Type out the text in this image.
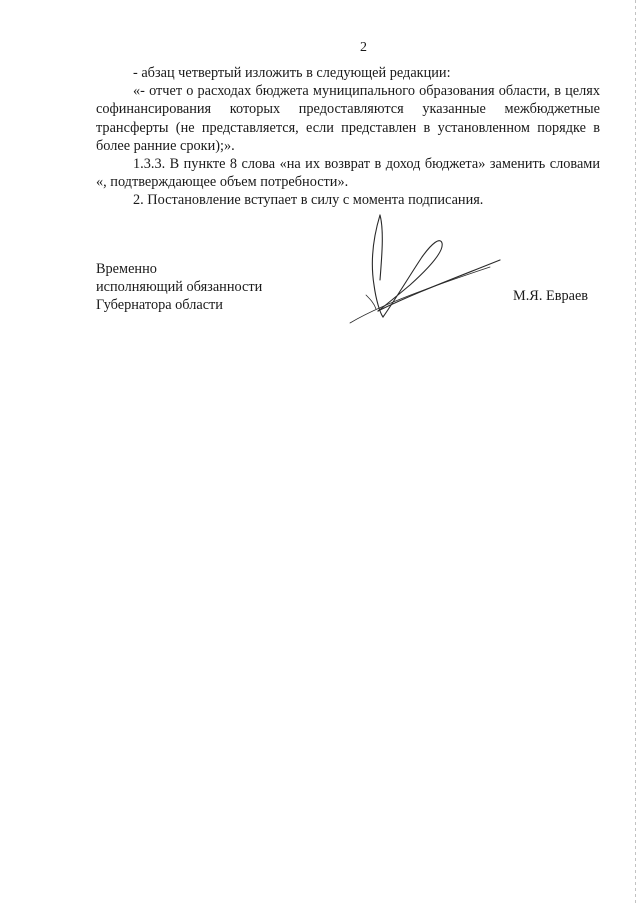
2

- абзац четвертый изложить в следующей редакции:

«- отчет о расходах бюджета муниципального образования области, в целях софинансирования которых предоставляются указанные межбюджетные трансферты (не представляется, если представлен в установленном порядке в более ранние сроки);».

1.3.3. В пункте 8 слова «на их возврат в доход бюджета» заменить словами «, подтверждающее объем потребности».

2. Постановление вступает в силу с момента подписания.

Временно
исполняющий обязанности
Губернатора области
М.Я. Евраев
